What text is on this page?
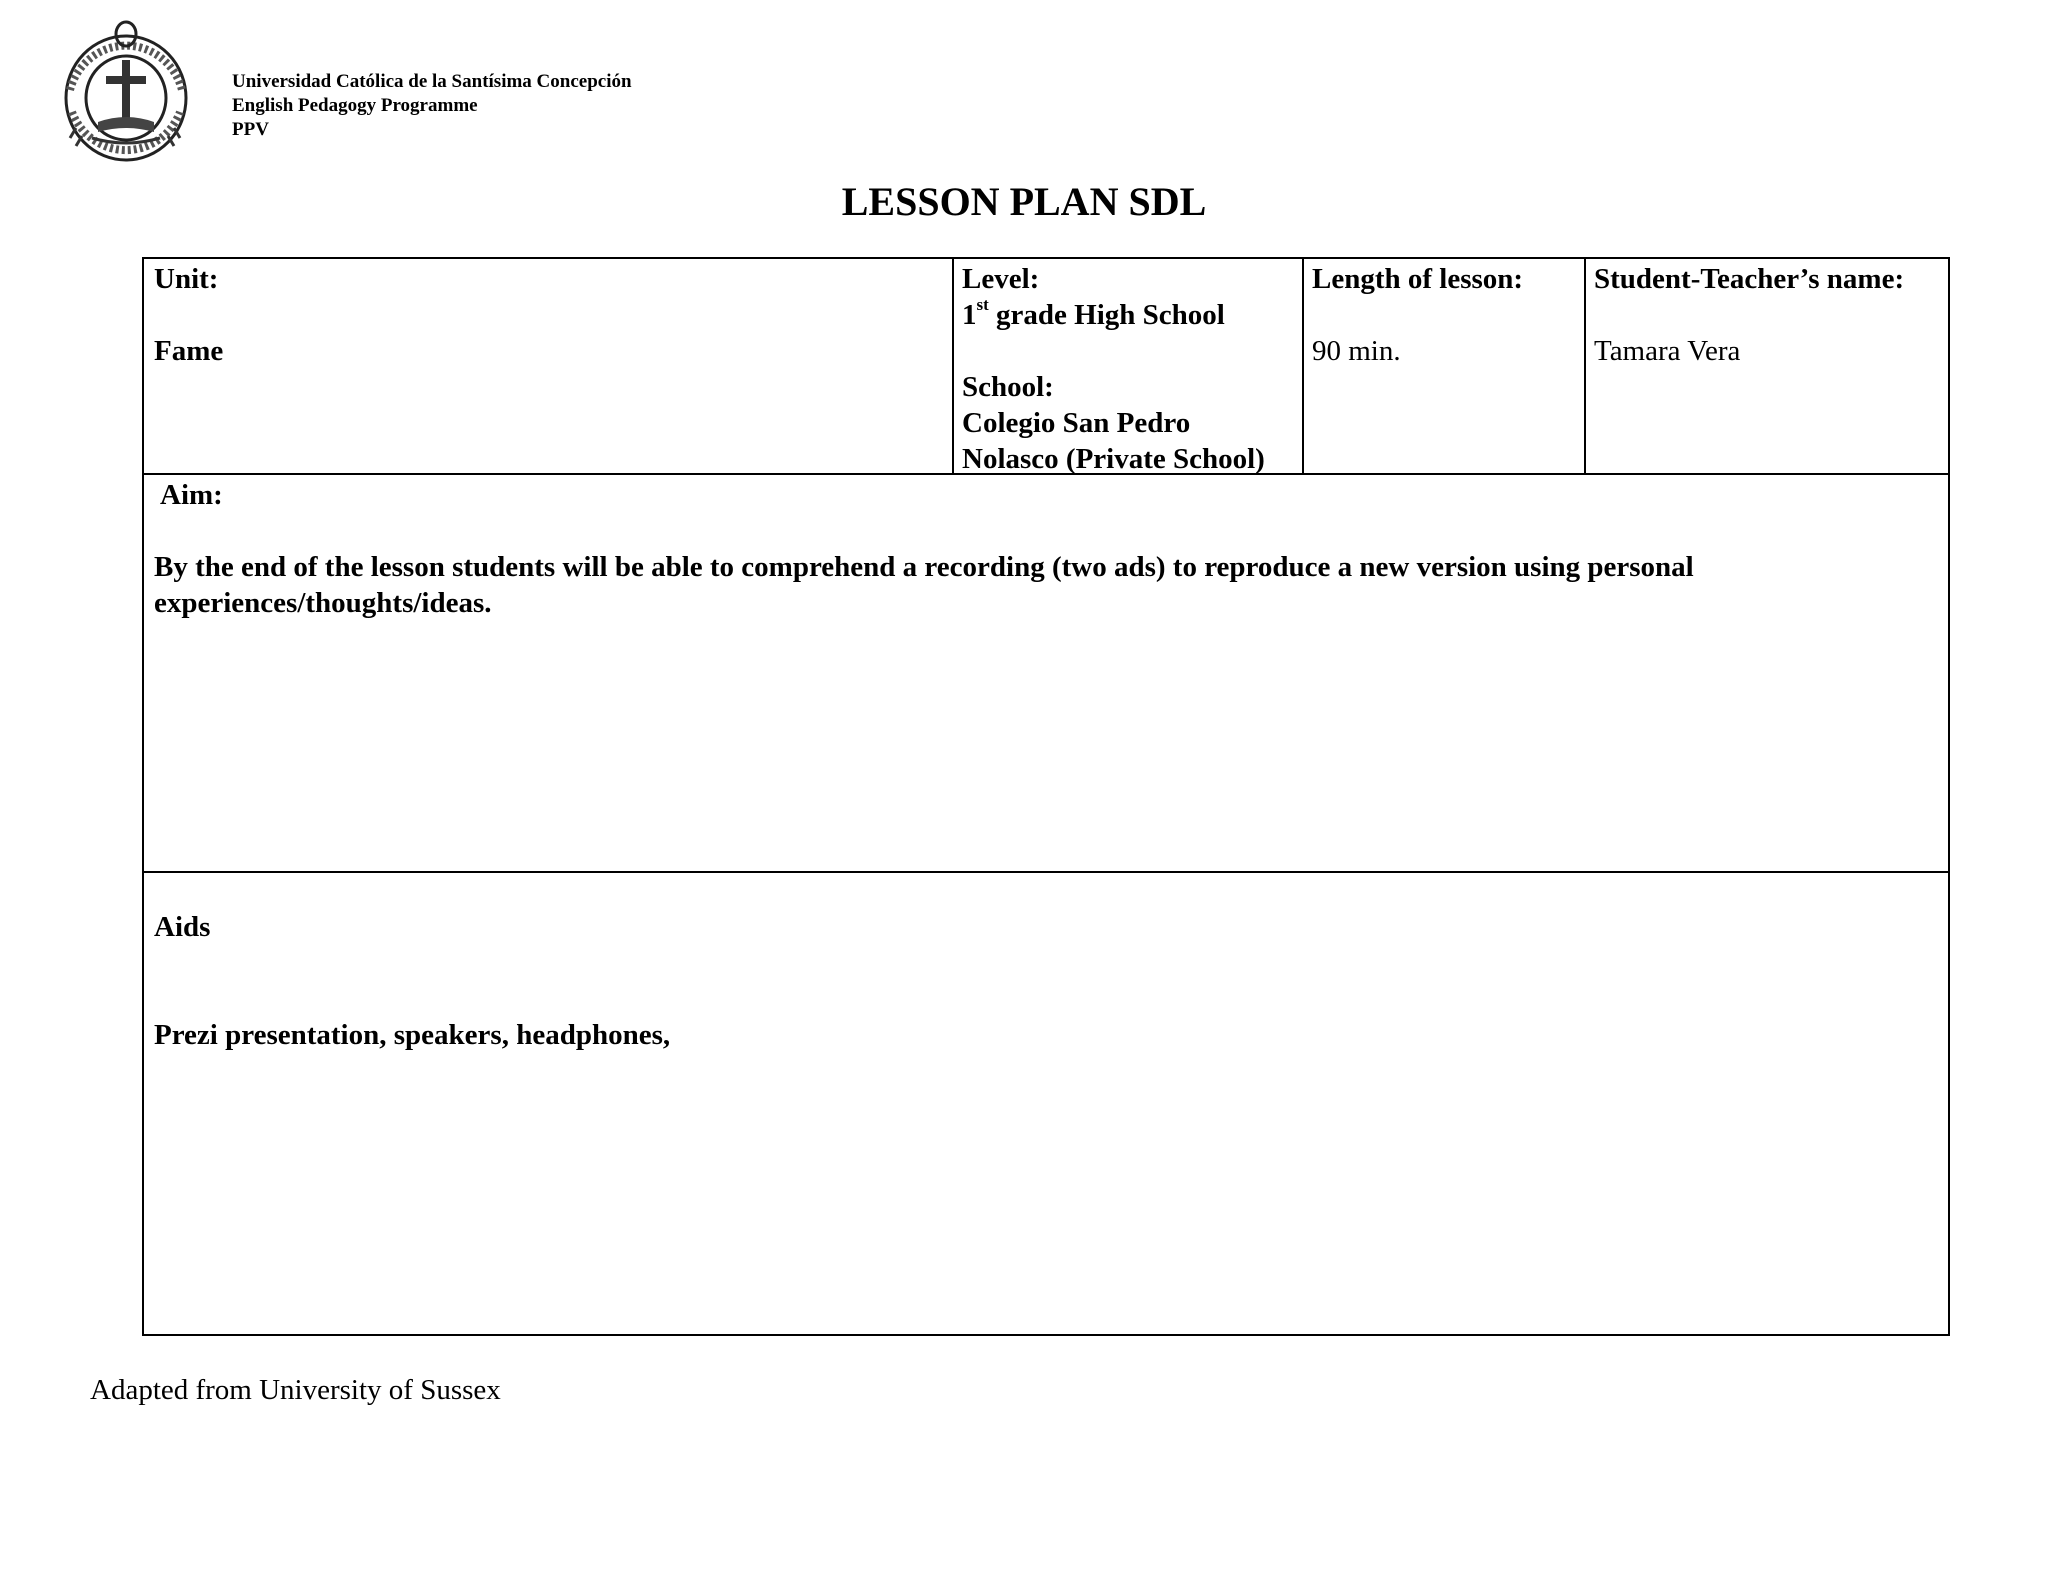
Universidad Católica de la Santísima Concepción
English Pedagogy Programme
PPV
LESSON PLAN SDL
Unit:
Fame
Level:
1st grade High School
School:
Colegio San Pedro
Nolasco (Private School)
Length of lesson:
90 min.
Student-Teacher’s name:
Tamara Vera
Aim:
By the end of the lesson students will be able to comprehend a recording (two ads) to reproduce a new version using personal
experiences/thoughts/ideas.
Aids
Prezi presentation, speakers, headphones,
Adapted from University of Sussex
